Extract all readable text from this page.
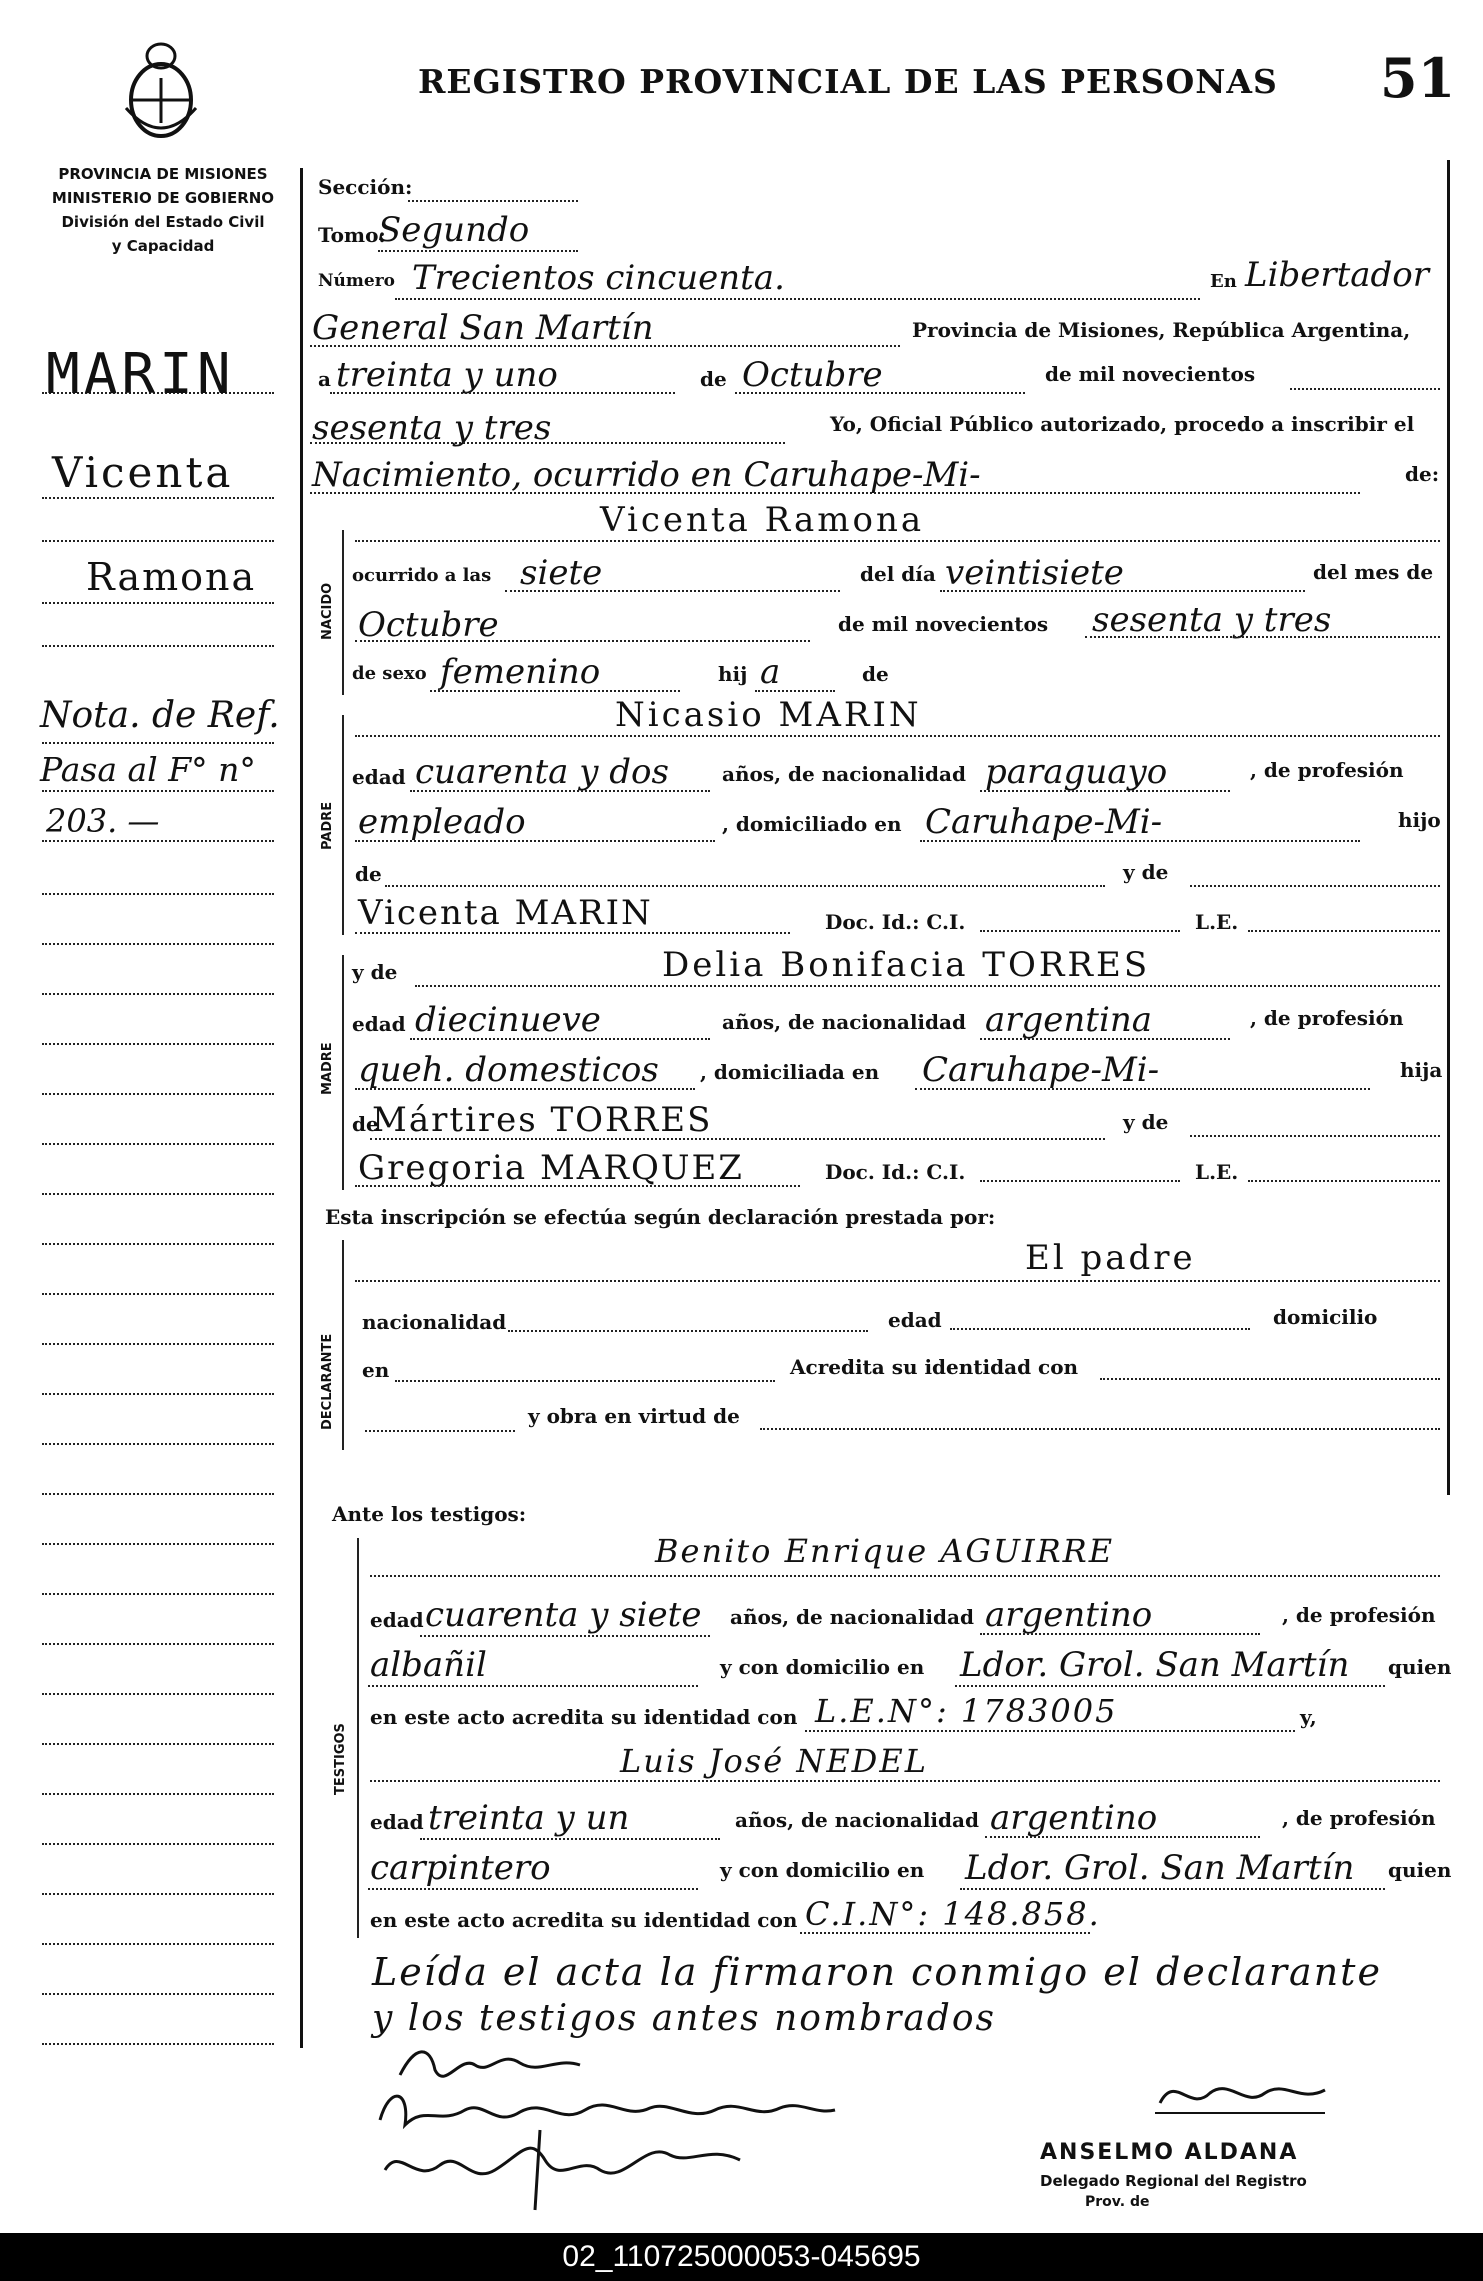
REGISTRO PROVINCIAL DE LAS PERSONAS 51
PROVINCIA DE MISIONES
MINISTERIO DE GOBIERNO
División del Estado Civil
y Capacidad
MARIN
Vicenta
Ramona
Nota. de Ref.
Pasa al F° n°
203. —
Sección:
Tomo:
Segundo
Número Trecientos cincuenta.	En Libertador
General San Martín	Provincia de Misiones, República Argentina,
a treinta y uno	de Octubre	de mil novecientos
sesenta y tres	Yo, Oficial Público autorizado, procedo a inscribir el
Nacimiento, ocurrido en Caruhape-Mi-	de:
NACIDO
Vicenta Ramona
ocurrido a las siete	del día veintisiete	del mes de
Octubre	de mil novecientos sesenta y tres
de sexo femenino	hij a	de
PADRE
Nicasio MARIN
edad cuarenta y dos	años, de nacionalidad paraguayo	, de profesión
empleado	, domiciliado en Caruhape-Mi-	hijo
de	y de
Vicenta MARIN	Doc. Id.: C.I.	L.E.
MADRE
y de	Delia Bonifacia TORRES
edad diecinueve	años, de nacionalidad argentina	, de profesión
queh. domesticos , domiciliada en Caruhape-Mi-	hija
de
Mártires TORRES	y de
Gregoria MARQUEZ	Doc. Id.: C.I.	L.E.
Esta inscripción se efectúa según declaración prestada por:
DECLARANTE
El padre
nacionalidad	edad	domicilio
en	Acredita su identidad con
y obra en virtud de
Ante los testigos:
TESTIGOS
Benito Enrique AGUIRRE
edad cuarenta y siete años, de nacionalidad argentino	, de profesión
albañil	y con domicilio en Ldor. Grol. San Martín quien
en este acto acredita su identidad con L.E.N°: 1783005	y,
Luis José NEDEL
edad treinta y un	años, de nacionalidad argentino	, de profesión
carpintero	y con domicilio en Ldor. Grol. San Martín quien
en este acto acredita su identidad con C.I.N°: 148.858.
Leída el acta la firmaron conmigo el declarante
y los testigos antes nombrados
ANSELMO ALDANA
Delegado Regional del Registro
Prov. de
02_110725000053-045695
